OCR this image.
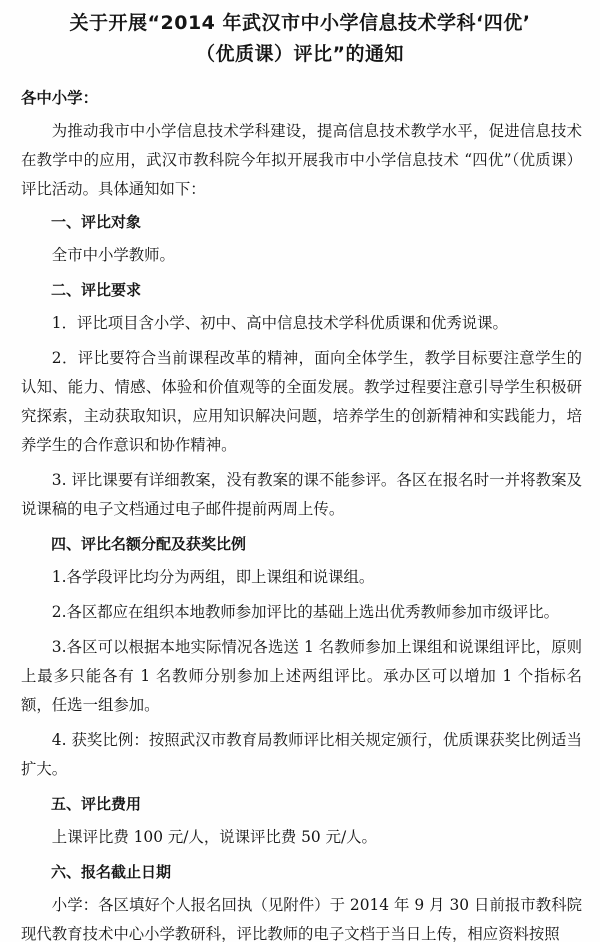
关于开展“2014 年武汉市中小学信息技术学科‘四优’
（优质课）评比”的通知

各中小学：

为推动我市中小学信息技术学科建设，提高信息技术教学水平，促进信息技术在教学中的应用，武汉市教科院今年拟开展我市中小学信息技术 “四优”（优质课）评比活动。具体通知如下：

一、评比对象

全市中小学教师。

二、评比要求

1．评比项目含小学、初中、高中信息技术学科优质课和优秀说课。

2．评比要符合当前课程改革的精神，面向全体学生，教学目标要注意学生的认知、能力、情感、体验和价值观等的全面发展。教学过程要注意引导学生积极研究探索，主动获取知识，应用知识解决问题，培养学生的创新精神和实践能力，培养学生的合作意识和协作精神。

3. 评比课要有详细教案，没有教案的课不能参评。各区在报名时一并将教案及说课稿的电子文档通过电子邮件提前两周上传。

四、评比名额分配及获奖比例

1.各学段评比均分为两组，即上课组和说课组。

2.各区都应在组织本地教师参加评比的基础上选出优秀教师参加市级评比。

3.各区可以根据本地实际情况各选送 1 名教师参加上课组和说课组评比，原则上最多只能各有 1 名教师分别参加上述两组评比。承办区可以增加 1 个指标名额，任选一组参加。

4. 获奖比例：按照武汉市教育局教师评比相关规定颁行，优质课获奖比例适当扩大。

五、评比费用

上课评比费 100 元/人，说课评比费 50 元/人。

六、报名截止日期

小学：各区填好个人报名回执（见附件）于 2014 年 9 月 30 日前报市教科院现代教育技术中心小学教研科，评比教师的电子文档于当日上传，相应资料按照
